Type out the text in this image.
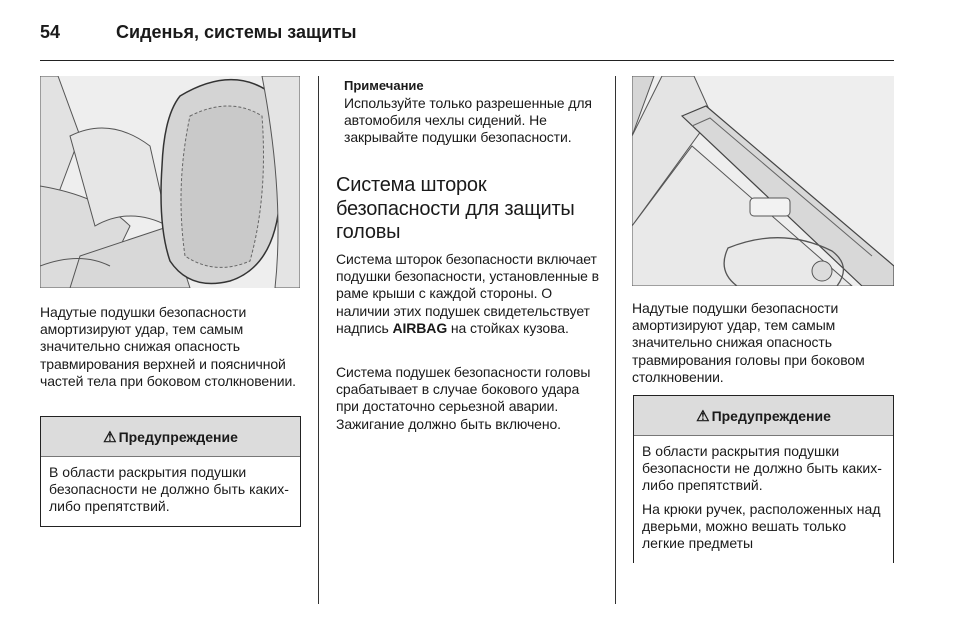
54	Сиденья, системы защиты
Надутые подушки безопасности амортизируют удар, тем самым значительно снижая опасность травмирования верхней и поясничной частей тела при боковом столкновении.
⚠ Предупреждение

В области раскрытия подушки безопасности не должно быть каких-либо препятствий.

Примечание
Используйте только разрешенные для автомобиля чехлы сидений. Не закрывайте подушки безопасности.
Система шторок безопасности для защиты головы
Система шторок безопасности включает подушки безопасности, установленные в раме крыши с каждой стороны. О наличии этих подушек свидетельствует надпись AIRBAG на стойках кузова.
Система подушек безопасности головы срабатывает в случае бокового удара при достаточно серьезной аварии. Зажигание должно быть включено.
Надутые подушки безопасности амортизируют удар, тем самым значительно снижая опасность травмирования головы при боковом столкновении.
⚠ Предупреждение

В области раскрытия подушки безопасности не должно быть каких-либо препятствий.

На крюки ручек, расположенных над дверьми, можно вешать только легкие предметы
